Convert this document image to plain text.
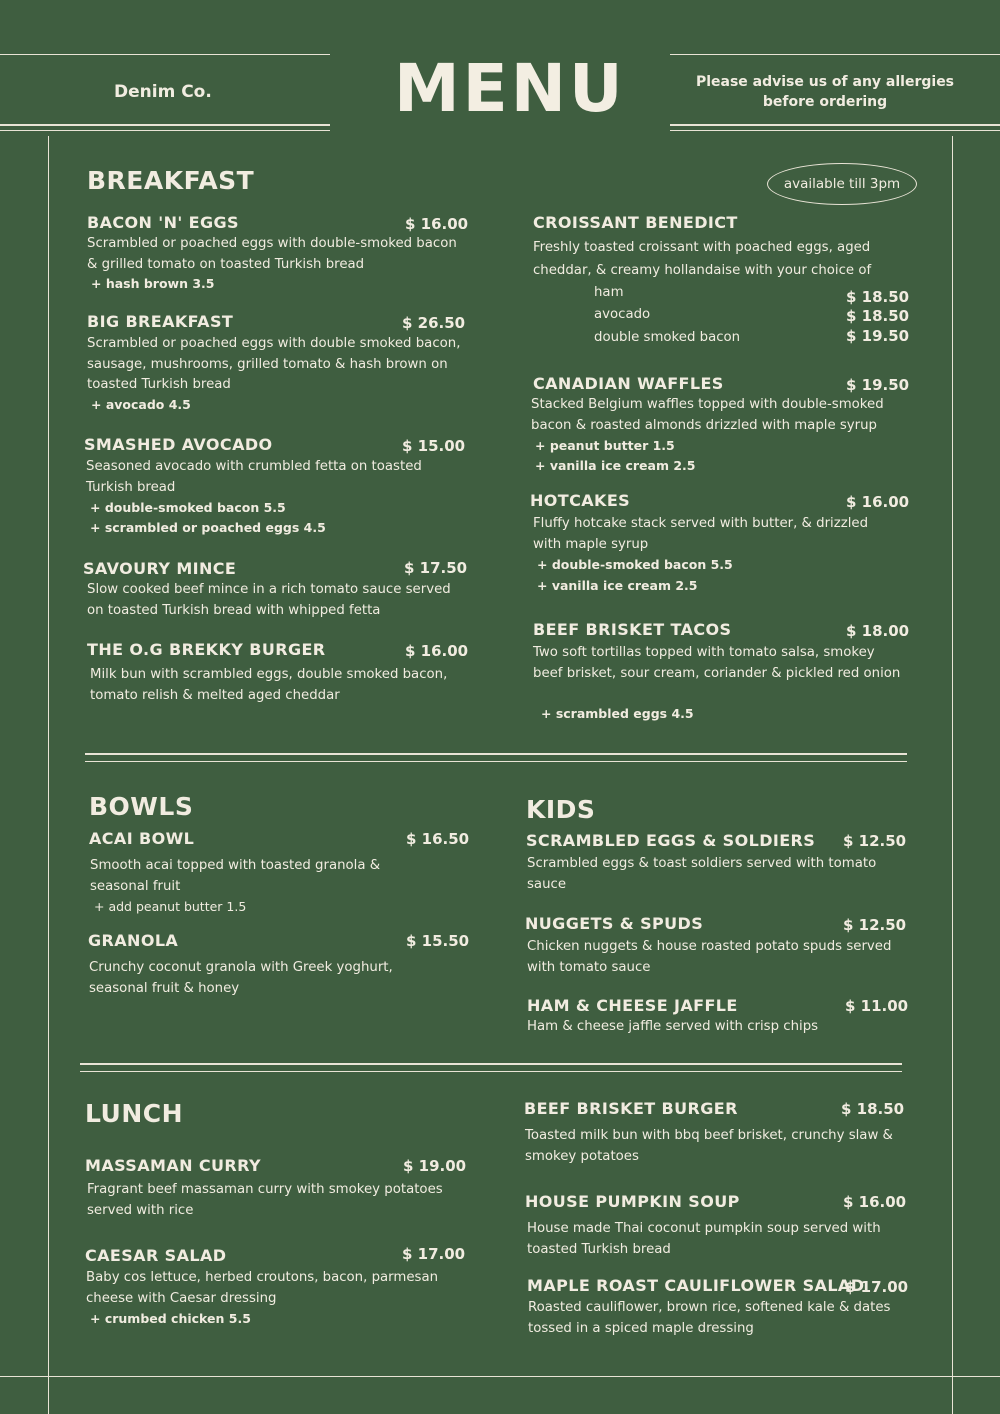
Denim Co.	MENU	Please advise us of any allergies
before ordering
BREAKFAST	available till 3pm
BACON 'N' EGGS	$ 16.00
Scrambled or poached eggs with double-smoked bacon & grilled tomato on toasted Turkish bread
+ hash brown 3.5
BIG BREAKFAST	$ 26.50
Scrambled or poached eggs with double smoked bacon, sausage, mushrooms, grilled tomato & hash brown on toasted Turkish bread
+ avocado 4.5
SMASHED AVOCADO	$ 15.00
Seasoned avocado with crumbled fetta on toasted Turkish bread
+ double-smoked bacon 5.5
+ scrambled or poached eggs 4.5
SAVOURY MINCE	$ 17.50
Slow cooked beef mince in a rich tomato sauce served on toasted Turkish bread with whipped fetta
THE O.G BREKKY BURGER	$ 16.00
Milk bun with scrambled eggs, double smoked bacon, tomato relish & melted aged cheddar
CROISSANT BENEDICT
Freshly toasted croissant with poached eggs, aged cheddar, & creamy hollandaise with your choice of
ham	$ 18.50
avocado	$ 18.50
double smoked bacon	$ 19.50
CANADIAN WAFFLES	$ 19.50
Stacked Belgium waffles topped with double-smoked bacon & roasted almonds drizzled with maple syrup
+ peanut butter 1.5
+ vanilla ice cream 2.5
HOTCAKES	$ 16.00
Fluffy hotcake stack served with butter, & drizzled with maple syrup
+ double-smoked bacon 5.5
+ vanilla ice cream 2.5
BEEF BRISKET TACOS	$ 18.00
Two soft tortillas topped with tomato salsa, smokey beef brisket, sour cream, coriander & pickled red onion
+ scrambled eggs 4.5
BOWLS
ACAI BOWL	$ 16.50
Smooth acai topped with toasted granola & seasonal fruit
+ add peanut butter 1.5
GRANOLA	$ 15.50
Crunchy coconut granola with Greek yoghurt, seasonal fruit & honey
KIDS
SCRAMBLED EGGS & SOLDIERS $ 12.50
Scrambled eggs & toast soldiers served with tomato sauce
NUGGETS & SPUDS	$ 12.50
Chicken nuggets & house roasted potato spuds served with tomato sauce
HAM & CHEESE JAFFLE	$ 11.00
Ham & cheese jaffle served with crisp chips
LUNCH
MASSAMAN CURRY	$ 19.00
Fragrant beef massaman curry with smokey potatoes served with rice
CAESAR SALAD	$ 17.00
Baby cos lettuce, herbed croutons, bacon, parmesan cheese with Caesar dressing
+ crumbed chicken 5.5
BEEF BRISKET BURGER	$ 18.50
Toasted milk bun with bbq beef brisket, crunchy slaw & smokey potatoes
HOUSE PUMPKIN SOUP	$ 16.00
House made Thai coconut pumpkin soup served with toasted Turkish bread
MAPLE ROAST CAULIFLOWER SALAD
$ 17.00
Roasted cauliflower, brown rice, softened kale & dates tossed in a spiced maple dressing
